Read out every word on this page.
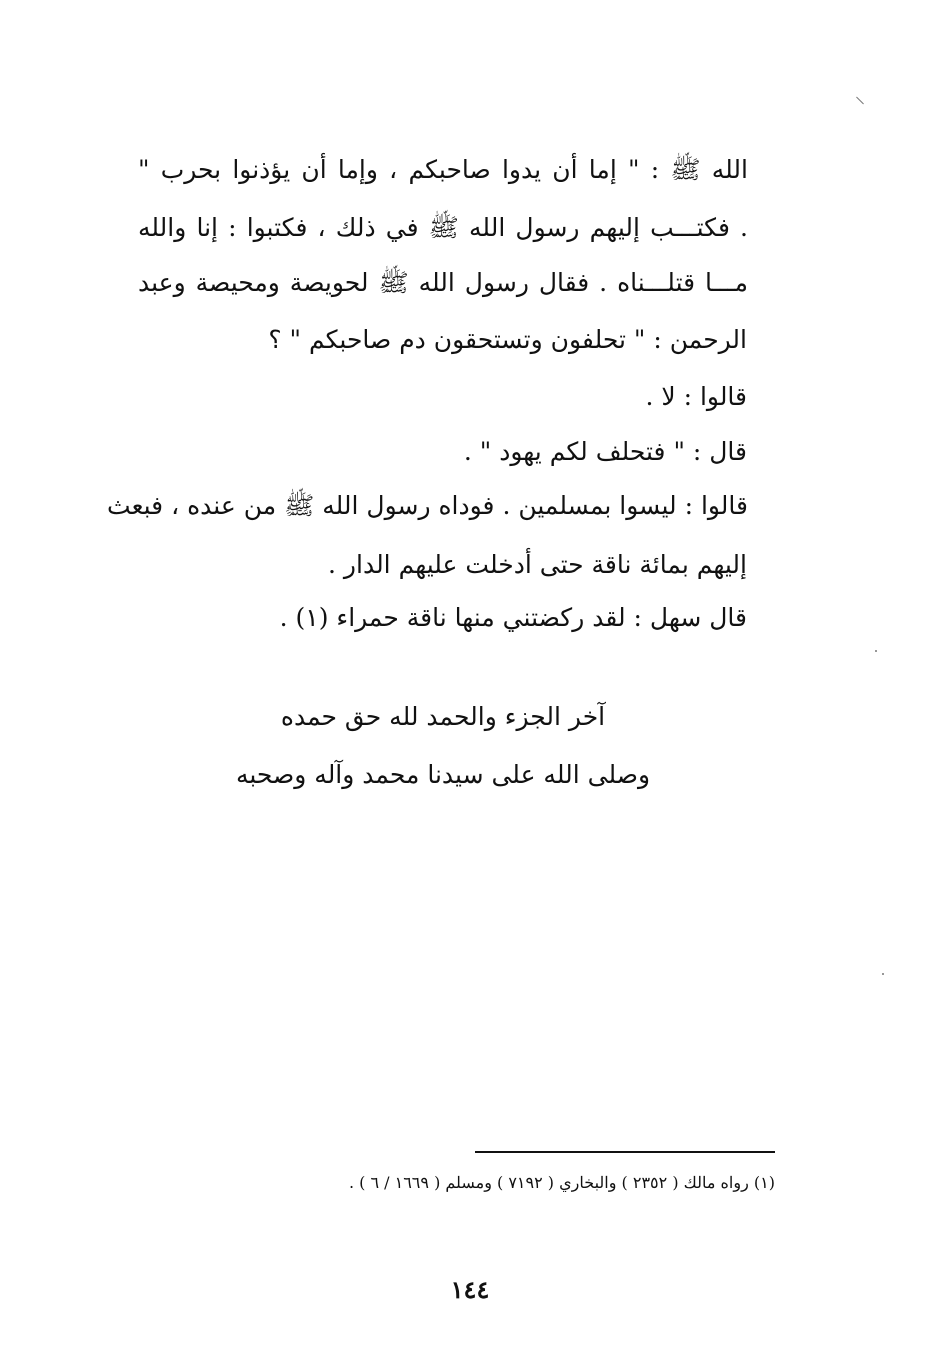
الله ﷺ : " إما أن يدوا صاحبكم ، وإما أن يؤذنوا بحرب "
. فكتـــب إليهم رسول الله ﷺ في ذلك ، فكتبوا : إنا والله
مـــا قتلـــناه . فقال رسول الله ﷺ لحويصة ومحيصة وعبد
الرحمن : " تحلفون وتستحقون دم صاحبكم " ؟
قالوا : لا .
قال : " فتحلف لكم يهود " .
قالوا : ليسوا بمسلمين . فوداه رسول الله ﷺ من عنده ، فبعث
إليهم بمائة ناقة حتى أدخلت عليهم الدار .
قال سهل : لقد ركضتني منها ناقة حمراء (١) .
آخر الجزء والحمد لله حق حمده
وصلى الله على سيدنا محمد وآله وصحبه
(١) رواه مالك ( ٢٣٥٢ ) والبخاري ( ٧١٩٢ ) ومسلم ( ١٦٦٩ / ٦ ) .
١٤٤
